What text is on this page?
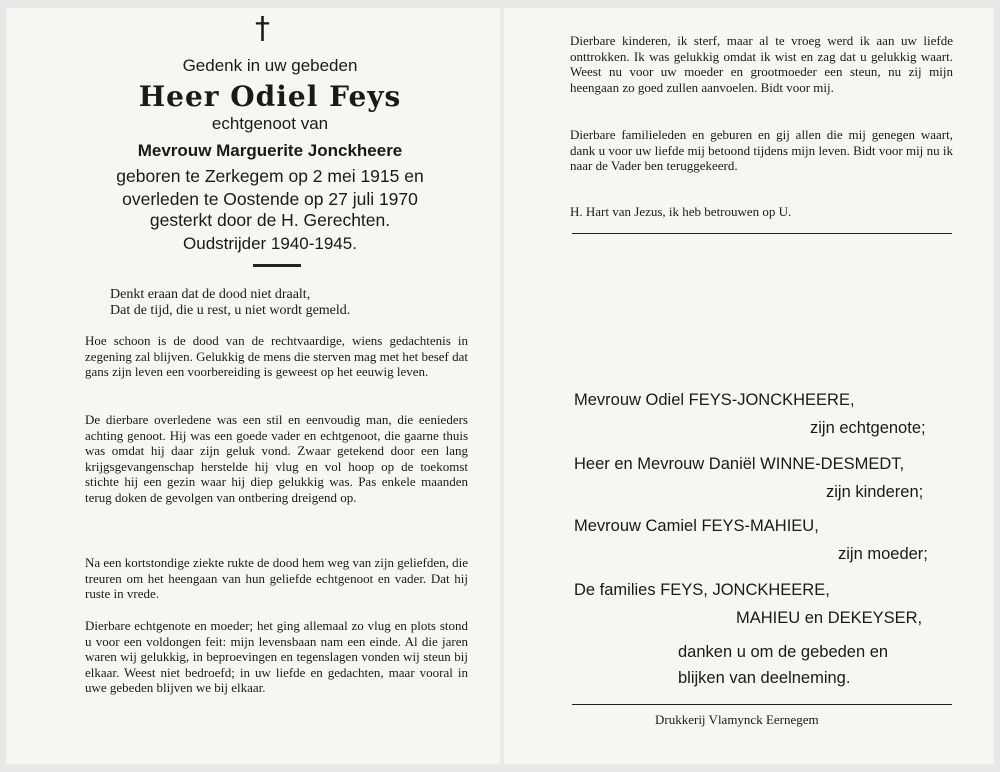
†
Gedenk in uw gebeden
Heer Odiel Feys
echtgenoot van
Mevrouw Marguerite Jonckheere
geboren te Zerkegem op 2 mei 1915 en
overleden te Oostende op 27 juli 1970
gesterkt door de H. Gerechten.
Oudstrijder 1940-1945.
Denkt eraan dat de dood niet draalt,
Dat de tijd, die u rest, u niet wordt gemeld.
Hoe schoon is de dood van de rechtvaardige, wiens gedachtenis in zegening zal blijven. Gelukkig de mens die sterven mag met het besef dat gans zijn leven een voorbereiding is geweest op het eeuwig leven.
De dierbare overledene was een stil en eenvoudig man, die eenieders achting genoot. Hij was een goede vader en echtgenoot, die gaarne thuis was omdat hij daar zijn geluk vond. Zwaar getekend door een lang krijgsgevangenschap herstelde hij vlug en vol hoop op de toekomst stichte hij een gezin waar hij diep gelukkig was. Pas enkele maanden terug doken de gevolgen van ontbering dreigend op.
Na een kortstondige ziekte rukte de dood hem weg van zijn geliefden, die treuren om het heengaan van hun geliefde echtgenoot en vader. Dat hij ruste in vrede.
Dierbare echtgenote en moeder; het ging allemaal zo vlug en plots stond u voor een voldongen feit: mijn levensbaan nam een einde. Al die jaren waren wij gelukkig, in beproevingen en tegenslagen vonden wij steun bij elkaar. Weest niet bedroefd; in uw liefde en gedachten, maar vooral in uwe gebeden blijven we bij elkaar.
Dierbare kinderen, ik sterf, maar al te vroeg werd ik aan uw liefde onttrokken. Ik was gelukkig omdat ik wist en zag dat u gelukkig waart. Weest nu voor uw moeder en grootmoeder een steun, nu zij mijn heengaan zo goed zullen aanvoelen. Bidt voor mij.
Dierbare familieleden en geburen en gij allen die mij genegen waart, dank u voor uw liefde mij betoond tijdens mijn leven. Bidt voor mij nu ik naar de Vader ben teruggekeerd.
H. Hart van Jezus, ik heb betrouwen op U.
Mevrouw Odiel FEYS-JONCKHEERE,
zijn echtgenote;
Heer en Mevrouw Daniël WINNE-DESMEDT,
zijn kinderen;
Mevrouw Camiel FEYS-MAHIEU,
zijn moeder;
De families FEYS, JONCKHEERE,
MAHIEU en DEKEYSER,
danken u om de gebeden en
blijken van deelneming.
Drukkerij Vlamynck Eernegem
